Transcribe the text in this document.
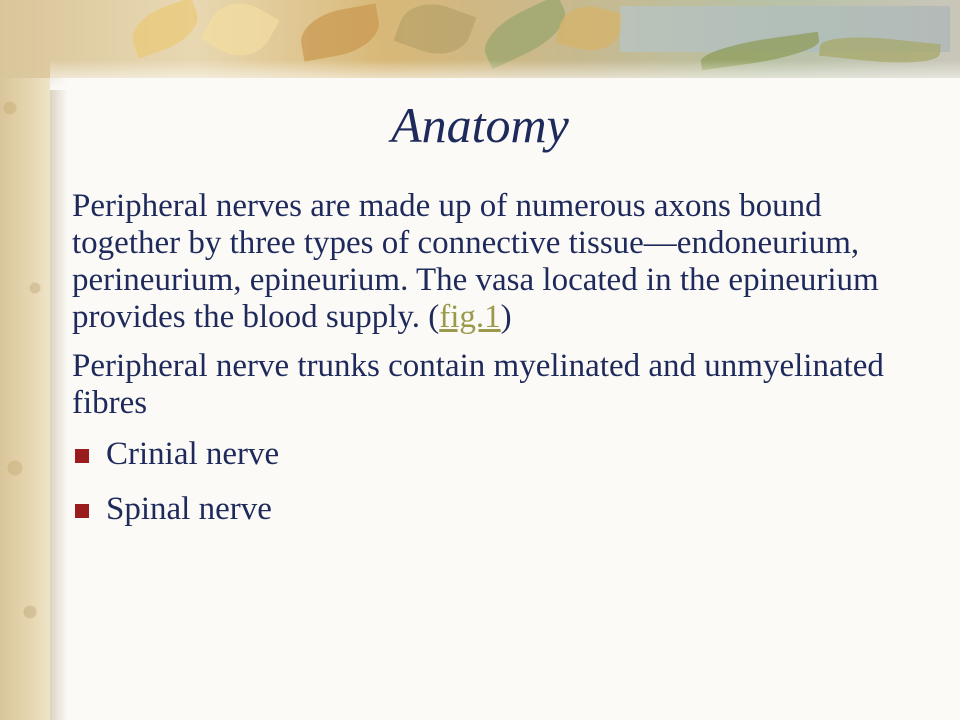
Anatomy

Peripheral nerves are made up of numerous axons bound together by three types of connective tissue—endoneurium, perineurium, epineurium. The vasa located in the epineurium provides the blood supply. (fig.1)

Peripheral nerve trunks contain myelinated and unmyelinated fibres

Crinial nerve
Spinal nerve
